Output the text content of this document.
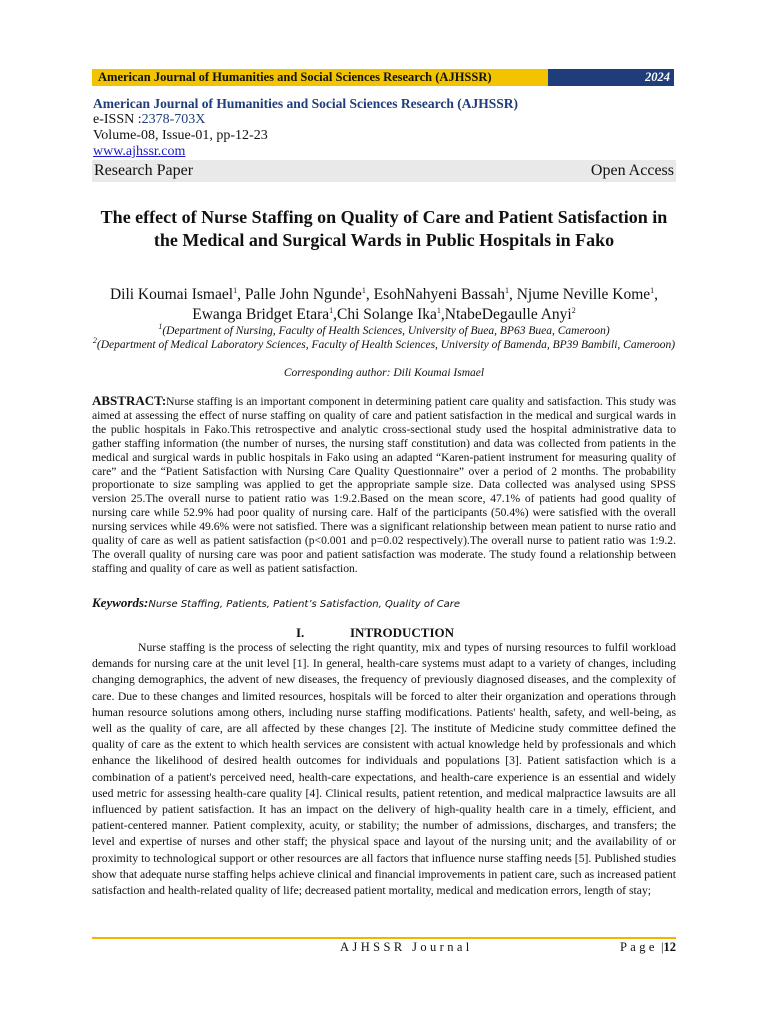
American Journal of Humanities and Social Sciences Research (AJHSSR)	2024
American Journal of Humanities and Social Sciences Research (AJHSSR)
e-ISSN :2378-703X
Volume-08, Issue-01, pp-12-23
www.ajhssr.com
Research Paper	Open Access
The effect of Nurse Staffing on Quality of Care and Patient Satisfaction in the Medical and Surgical Wards in Public Hospitals in Fako
Dili Koumai Ismael$^1$, Palle John Ngunde$^1$, EsohNahyeni Bassah$^1$, Njume Neville Kome$^1$, Ewanga Bridget Etara$^1$,Chi Solange Ika$^1$,NtabeDegaulle Anyi$^2$
$^1$(Department of Nursing, Faculty of Health Sciences, University of Buea, BP63 Buea, Cameroon)
$^2$(Department of Medical Laboratory Sciences, Faculty of Health Sciences, University of Bamenda, BP39 Bambili, Cameroon)
Corresponding author: Dili Koumai Ismael
ABSTRACT:Nurse staffing is an important component in determining patient care quality and satisfaction. This study was aimed at assessing the effect of nurse staffing on quality of care and patient satisfaction in the medical and surgical wards in the public hospitals in Fako.This retrospective and analytic cross-sectional study used the hospital administrative data to gather staffing information (the number of nurses, the nursing staff constitution) and data was collected from patients in the medical and surgical wards in public hospitals in Fako using an adapted “Karen-patient instrument for measuring quality of care” and the “Patient Satisfaction with Nursing Care Quality Questionnaire” over a period of 2 months. The probability proportionate to size sampling was applied to get the appropriate sample size. Data collected was analysed using SPSS version 25.The overall nurse to patient ratio was 1:9.2.Based on the mean score, 47.1% of patients had good quality of nursing care while 52.9% had poor quality of nursing care. Half of the participants (50.4%) were satisfied with the overall nursing services while 49.6% were not satisfied. There was a significant relationship between mean patient to nurse ratio and quality of care as well as patient satisfaction (p<0.001 and p=0.02 respectively).The overall nurse to patient ratio was 1:9.2. The overall quality of nursing care was poor and patient satisfaction was moderate. The study found a relationship between staffing and quality of care as well as patient satisfaction.
Keywords:Nurse Staffing, Patients, Patient’s Satisfaction, Quality of Care
I.	INTRODUCTION
Nurse staffing is the process of selecting the right quantity, mix and types of nursing resources to fulfil workload demands for nursing care at the unit level [1]. In general, health-care systems must adapt to a variety of changes, including changing demographics, the advent of new diseases, the frequency of previously diagnosed diseases, and the complexity of care. Due to these changes and limited resources, hospitals will be forced to alter their organization and operations through human resource solutions among others, including nurse staffing modifications. Patients' health, safety, and well-being, as well as the quality of care, are all affected by these changes [2]. The institute of Medicine study committee defined the quality of care as the extent to which health services are consistent with actual knowledge held by professionals and which enhance the likelihood of desired health outcomes for individuals and populations [3]. Patient satisfaction which is a combination of a patient's perceived need, health-care expectations, and health-care experience is an essential and widely used metric for assessing health-care quality [4]. Clinical results, patient retention, and medical malpractice lawsuits are all influenced by patient satisfaction. It has an impact on the delivery of high-quality health care in a timely, efficient, and patient-centered manner. Patient complexity, acuity, or stability; the number of admissions, discharges, and transfers; the level and expertise of nurses and other staff; the physical space and layout of the nursing unit; and the availability of or proximity to technological support or other resources are all factors that influence nurse staffing needs [5]. Published studies show that adequate nurse staffing helps achieve clinical and financial improvements in patient care, such as increased patient satisfaction and health-related quality of life; decreased patient mortality, medical and medication errors, length of stay;
AJHSSR Journal	Page |12
